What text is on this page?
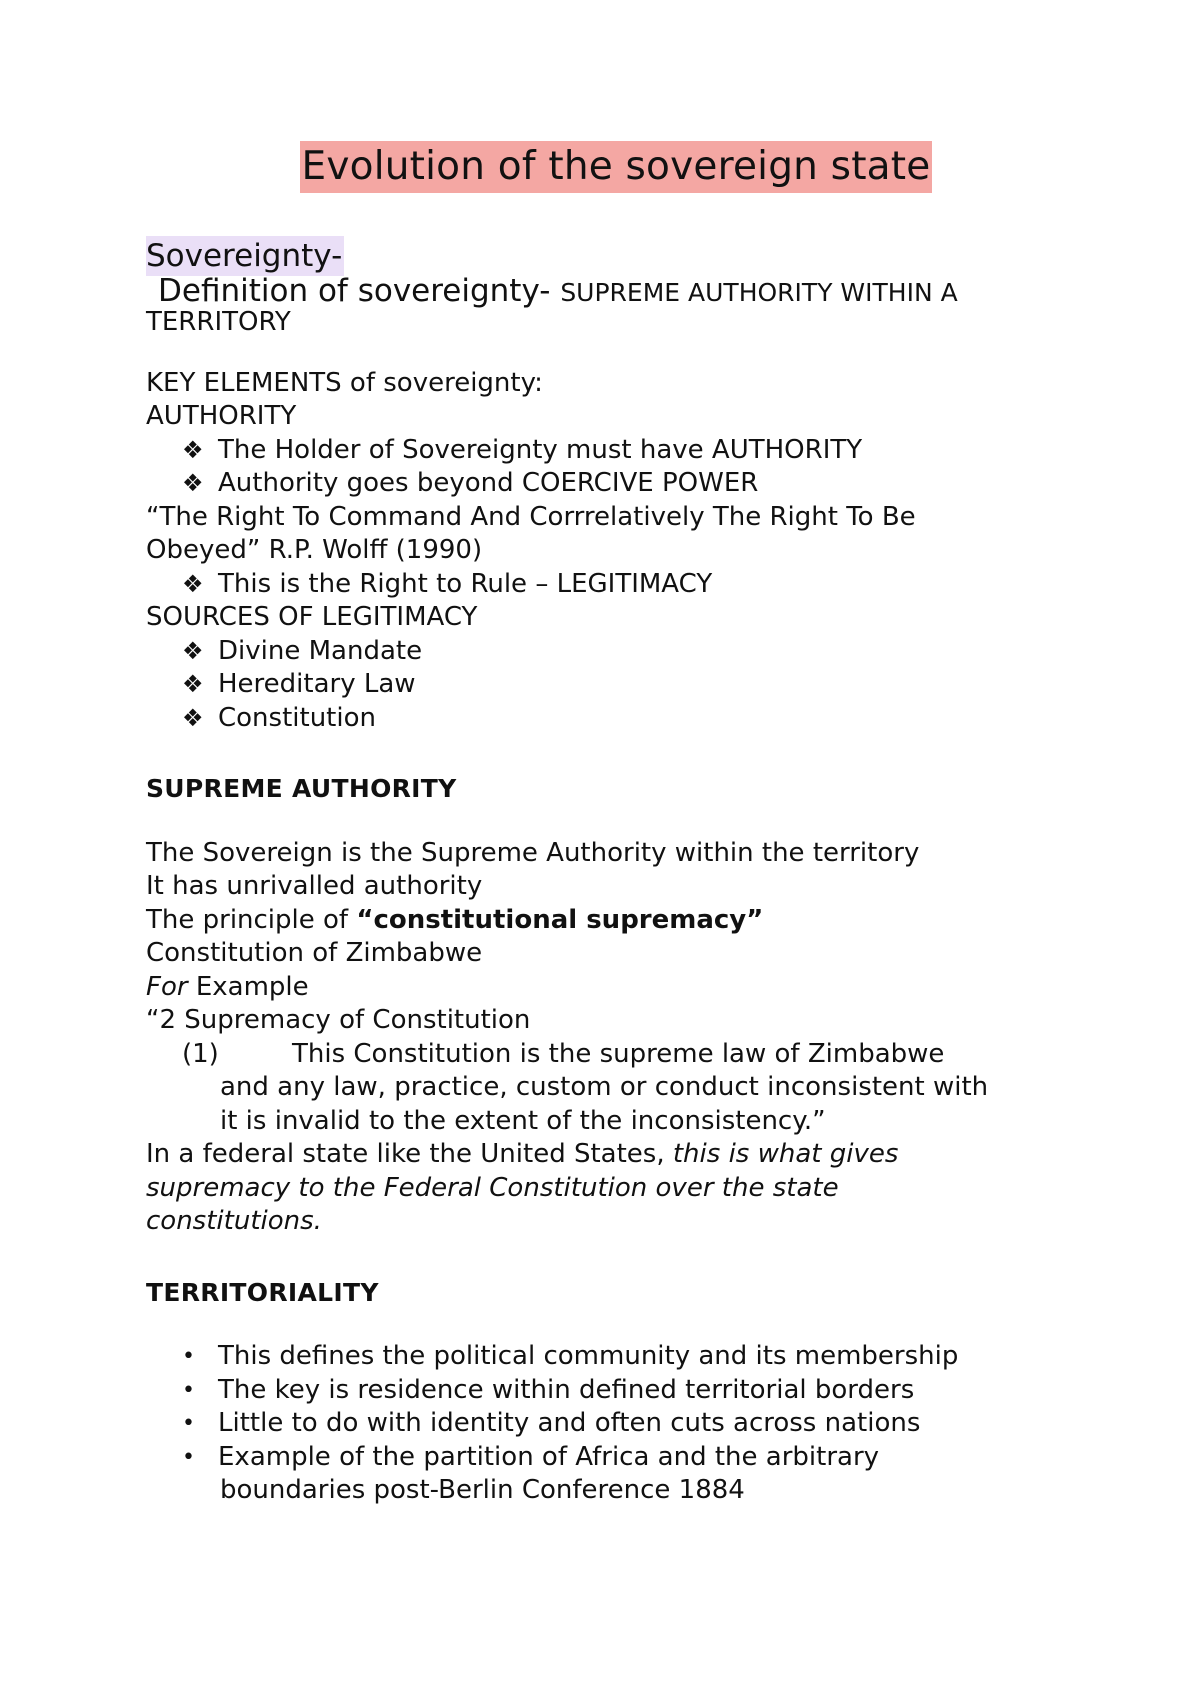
Evolution of the sovereign state
Sovereignty-
Definition of sovereignty- SUPREME AUTHORITY WITHIN A
TERRITORY
KEY ELEMENTS of sovereignty:
AUTHORITY
❖ The Holder of Sovereignty must have AUTHORITY
❖ Authority goes beyond COERCIVE POWER
“The Right To Command And Corrrelatively The Right To Be
Obeyed” R.P. Wolff (1990)
❖ This is the Right to Rule – LEGITIMACY
SOURCES OF LEGITIMACY
❖ Divine Mandate
❖ Hereditary Law
❖ Constitution
SUPREME AUTHORITY
The Sovereign is the Supreme Authority within the territory
It has unrivalled authority
The principle of “constitutional supremacy”
Constitution of Zimbabwe
For Example
“2 Supremacy of Constitution
(1)	This Constitution is the supreme law of Zimbabwe
and any law, practice, custom or conduct inconsistent with
it is invalid to the extent of the inconsistency.”
In a federal state like the United States, this is what gives
supremacy to the Federal Constitution over the state
constitutions.
TERRITORIALITY
• This defines the political community and its membership
• The key is residence within defined territorial borders
• Little to do with identity and often cuts across nations
• Example of the partition of Africa and the arbitrary
boundaries post-Berlin Conference 1884
